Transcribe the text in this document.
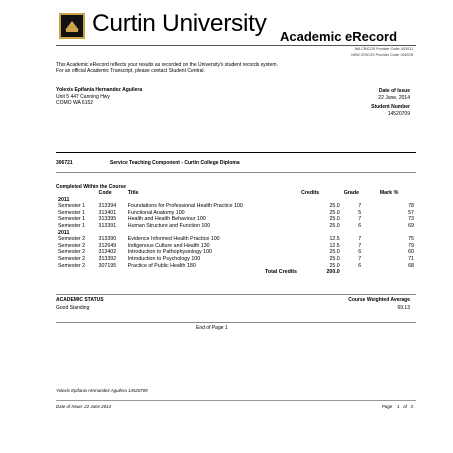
Curtin University Academic eRecord
WA CRICOS Provider Code: 00301J
NSW CRICOS Provider Code: 02637B
This Academic eRecord reflects your results as recorded on the University's student records system.
For an official Academic Transcript, please contact Student Central.
Yolexis Epifania Hernandez Aguilera
Unit 5 447 Canning Hwy
COMO WA 6152
Date of Issue
22 June, 2014
Student Number
14520709
306721	Service Teaching Component - Curtin College Diploma
Completed Within the Course
	Code	Title	Credits	Grade	Mark %
2011					
Semester 1	313394	Foundations for Professional Health Practice 100	25.0	7	78
Semester 1	313401	Functional Anatomy 100	25.0	5	57
Semester 1	313395	Health and Health Behaviour 100	25.0	7	73
Semester 1	313391	Human Structure and Function 100	25.0	6	69
2011					
Semester 2	313390	Evidence Informed Health Practice 100	12.5	7	75
Semester 2	312649	Indigenous Culture and Health 130	12.5	7	79
Semester 2	313402	Introduction to Pathophysiology 100	25.0	6	60
Semester 2	313392	Introduction to Psychology 100	25.0	7	71
Semester 2	307195	Practice of Public Health 180	25.0	6	68
		Total Credits	200.0		
ACADEMIC STATUS
Good Standing
Course Weighted Average
69.13
End of Page 1
Yolexis Epifania Hernandez Aguilera 14520709
Date of Issue: 22 June 2014	Page    1   of   3
